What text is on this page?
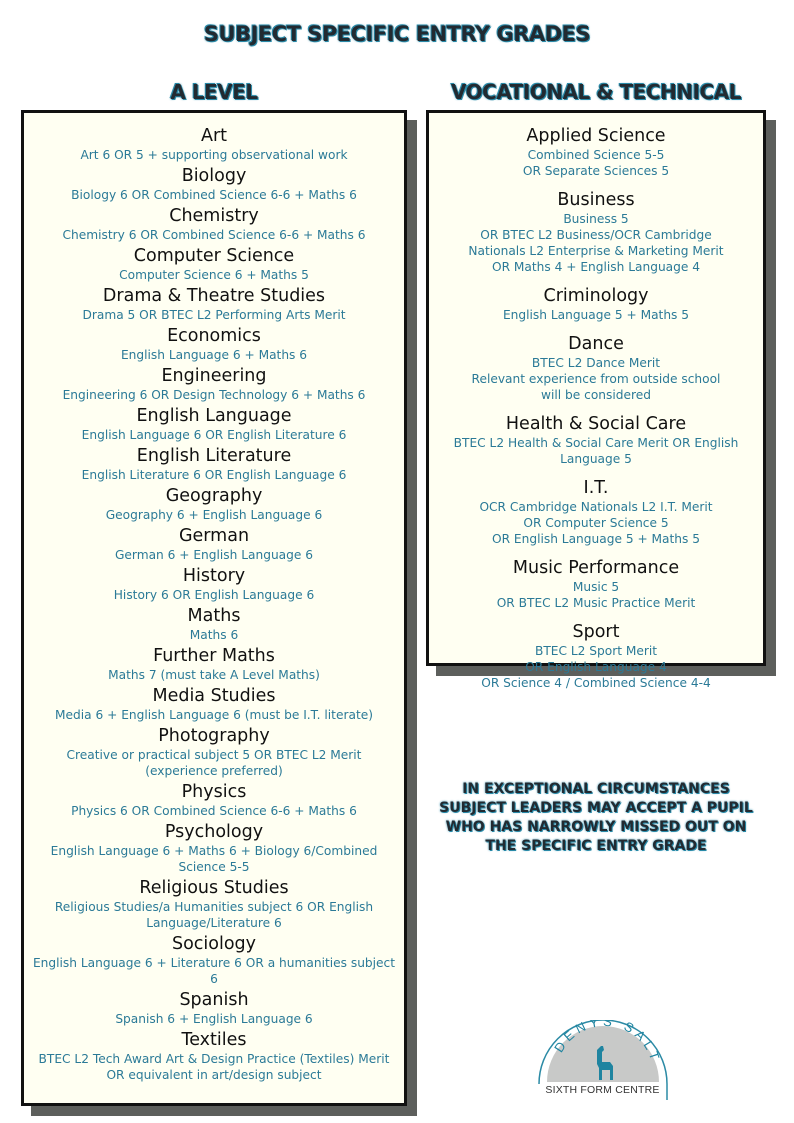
SUBJECT SPECIFIC ENTRY GRADES
A LEVEL	VOCATIONAL & TECHNICAL
Art
Art 6 OR 5 + supporting observational work
Biology
Biology 6 OR Combined Science 6-6 + Maths 6
Chemistry
Chemistry 6 OR Combined Science 6-6 + Maths 6
Computer Science
Computer Science 6 + Maths 5
Drama & Theatre Studies
Drama 5 OR BTEC L2 Performing Arts Merit
Economics
English Language 6 + Maths 6
Engineering
Engineering 6 OR Design Technology 6 + Maths 6
English Language
English Language 6 OR English Literature 6
English Literature
English Literature 6 OR English Language 6
Geography
Geography 6 + English Language 6
German
German 6 + English Language 6
History
History 6 OR English Language 6
Maths
Maths 6
Further Maths
Maths 7 (must take A Level Maths)
Media Studies
Media 6 + English Language 6 (must be I.T. literate)
Photography
Creative or practical subject 5 OR BTEC L2 Merit (experience preferred)
Physics
Physics 6 OR Combined Science 6-6 + Maths 6
Psychology
English Language 6 + Maths 6 + Biology 6/Combined Science 5-5
Religious Studies
Religious Studies/a Humanities subject 6 OR English Language/Literature 6
Sociology
English Language 6 + Literature 6 OR a humanities subject 6
Spanish
Spanish 6 + English Language 6
Textiles
BTEC L2 Tech Award Art & Design Practice (Textiles) Merit OR equivalent in art/design subject
Applied Science
Combined Science 5-5
OR Separate Sciences 5
Business
Business 5
OR BTEC L2 Business/OCR Cambridge
Nationals L2 Enterprise & Marketing Merit
OR Maths 4 + English Language 4
Criminology
English Language 5 + Maths 5
Dance
BTEC L2 Dance Merit
Relevant experience from outside school
will be considered
Health & Social Care
BTEC L2 Health & Social Care Merit OR English Language 5
I.T.
OCR Cambridge Nationals L2 I.T. Merit
OR Computer Science 5
OR English Language 5 + Maths 5
Music Performance
Music 5
OR BTEC L2 Music Practice Merit
Sport
BTEC L2 Sport Merit
OR English Language 4
OR Science 4 / Combined Science 4-4
IN EXCEPTIONAL CIRCUMSTANCES
SUBJECT LEADERS MAY ACCEPT A PUPIL
WHO HAS NARROWLY MISSED OUT ON
THE SPECIFIC ENTRY GRADE
DENYS SALT
SIXTH FORM CENTRE
